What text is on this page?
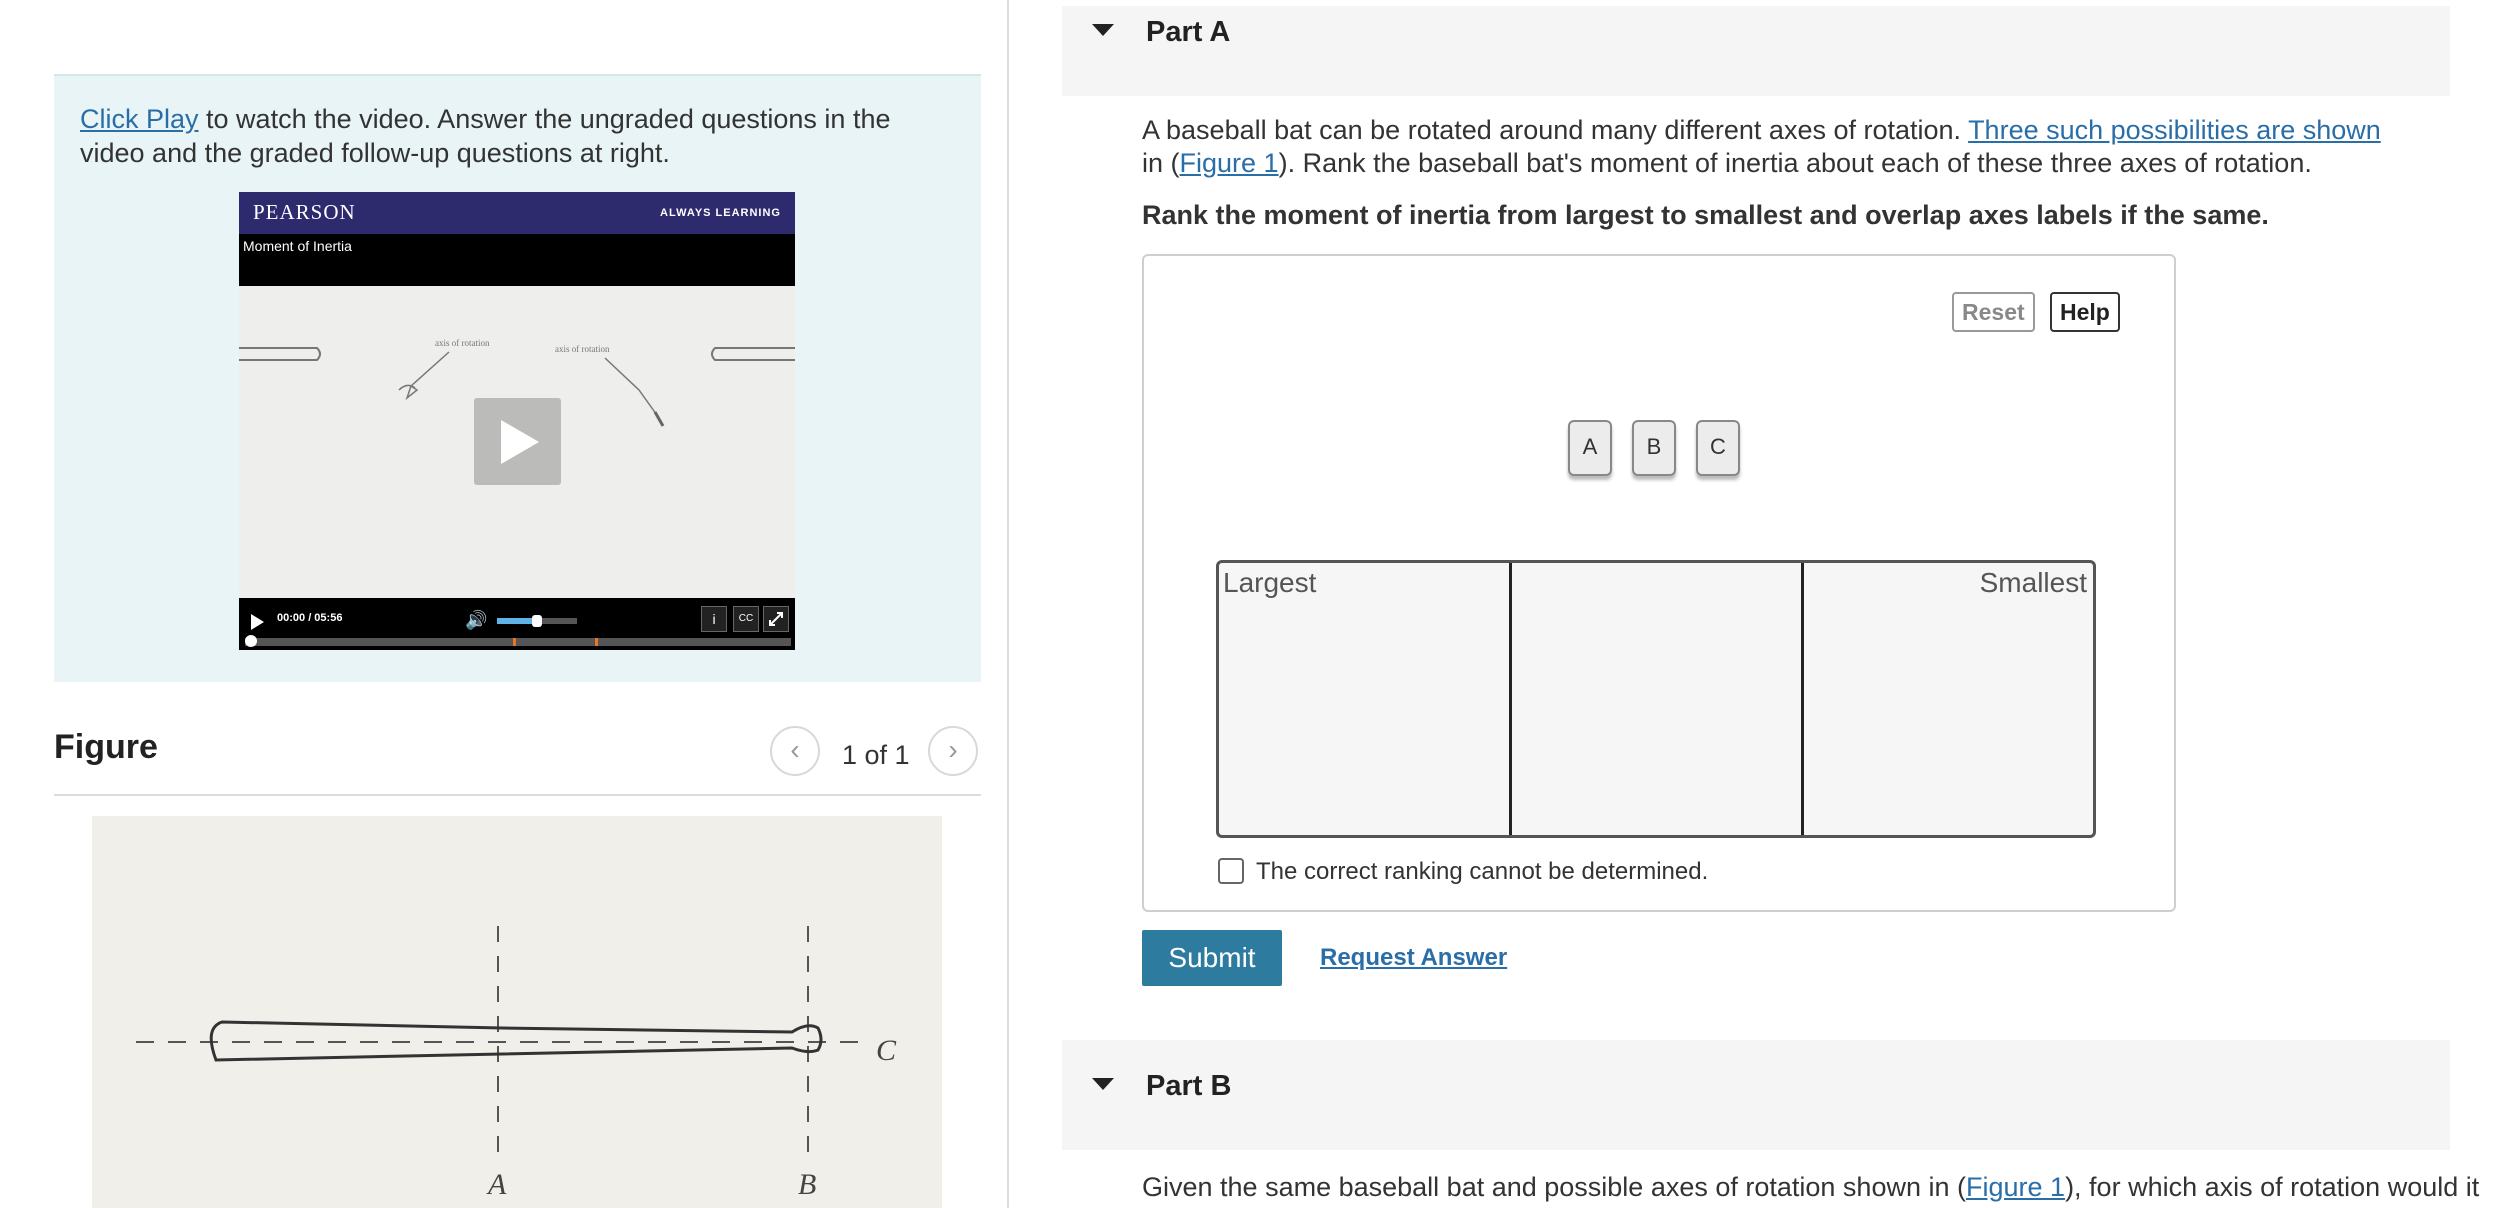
Click Play to watch the video. Answer the ungraded questions in the video and the graded follow-up questions at right.

PEARSON	ALWAYS LEARNING
Moment of Inertia
axis of rotation
axis of rotation
00:00 / 05:56	🔊	i	CC
Figure	‹	1 of 1	›
A	B
C
Part A

A baseball bat can be rotated around many different axes of rotation. Three such possibilities are shown in (Figure 1). Rank the baseball bat's moment of inertia about each of these three axes of rotation.

Rank the moment of inertia from largest to smallest and overlap axes labels if the same.

Reset	Help
A	B	C
Largest	Smallest
The correct ranking cannot be determined.
Submit	Request Answer
Part B

Given the same baseball bat and possible axes of rotation shown in (Figure 1), for which axis of rotation would it
